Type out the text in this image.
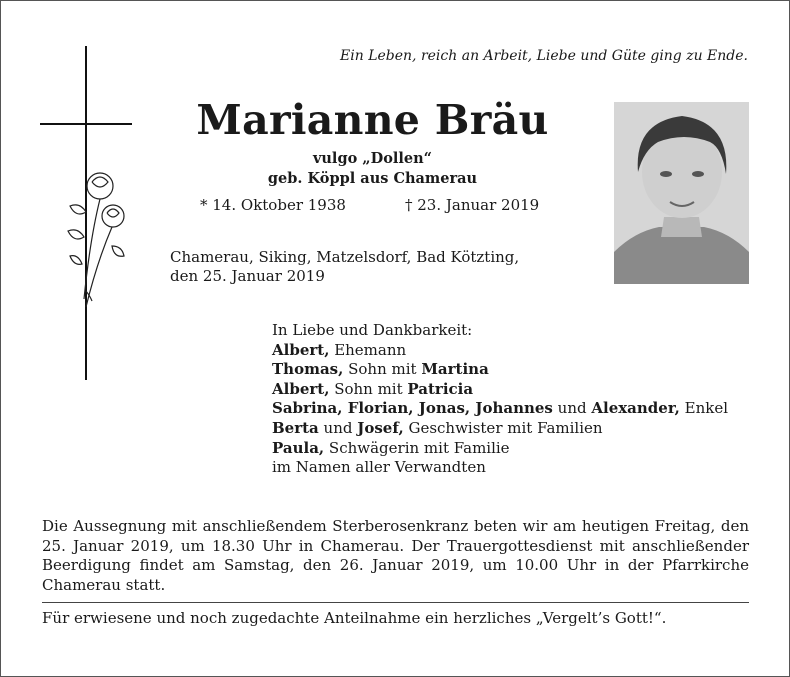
Ein Leben, reich an Arbeit, Liebe und Güte ging zu Ende.
Marianne Bräu
vulgo „Dollen“
geb. Köppl aus Chamerau
* 14. Oktober 1938	† 23. Januar 2019
Chamerau, Siking, Matzelsdorf, Bad Kötzting,
den 25. Januar 2019
In Liebe und Dankbarkeit:
Albert, Ehemann
Thomas, Sohn mit Martina
Albert, Sohn mit Patricia
Sabrina, Florian, Jonas, Johannes und Alexander, Enkel
Berta und Josef, Geschwister mit Familien
Paula, Schwägerin mit Familie
im Namen aller Verwandten
Die Aussegnung mit anschließendem Sterberosenkranz beten wir am heutigen Freitag, den 25. Januar 2019, um 18.30 Uhr in Chamerau. Der Trauergottesdienst mit anschließender Beerdigung findet am Samstag, den 26. Januar 2019, um 10.00 Uhr in der Pfarrkirche Chamerau statt.
Für erwiesene und noch zugedachte Anteilnahme ein herzliches „Vergelt’s Gott!“.
